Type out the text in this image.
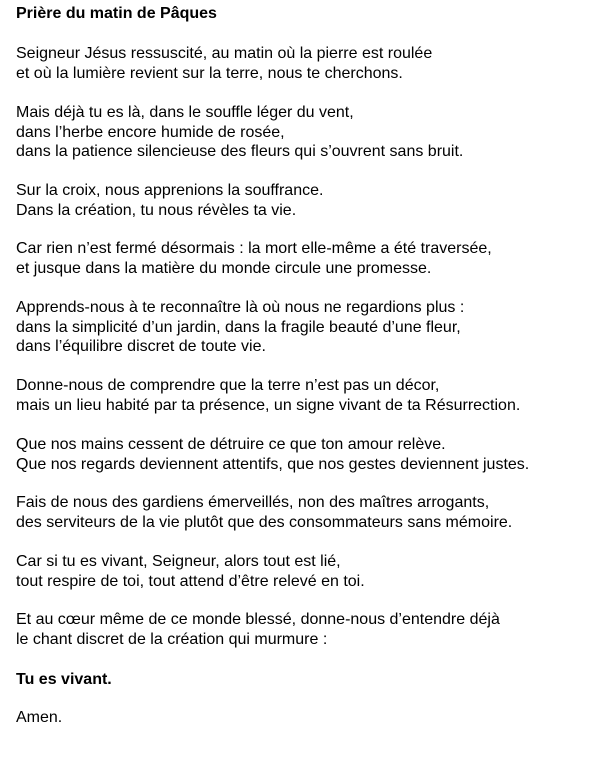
Prière du matin de Pâques

Seigneur Jésus ressuscité, au matin où la pierre est roulée
et où la lumière revient sur la terre, nous te cherchons.
Mais déjà tu es là, dans le souffle léger du vent,
dans l’herbe encore humide de rosée,
dans la patience silencieuse des fleurs qui s’ouvrent sans bruit.
Sur la croix, nous apprenions la souffrance.
Dans la création, tu nous révèles ta vie.
Car rien n’est fermé désormais : la mort elle-même a été traversée,
et jusque dans la matière du monde circule une promesse.
Apprends-nous à te reconnaître là où nous ne regardions plus :
dans la simplicité d’un jardin, dans la fragile beauté d’une fleur,
dans l’équilibre discret de toute vie.
Donne-nous de comprendre que la terre n’est pas un décor,
mais un lieu habité par ta présence, un signe vivant de ta Résurrection.
Que nos mains cessent de détruire ce que ton amour relève.
Que nos regards deviennent attentifs, que nos gestes deviennent justes.
Fais de nous des gardiens émerveillés, non des maîtres arrogants,
des serviteurs de la vie plutôt que des consommateurs sans mémoire.
Car si tu es vivant, Seigneur, alors tout est lié,
tout respire de toi, tout attend d’être relevé en toi.
Et au cœur même de ce monde blessé, donne-nous d’entendre déjà
le chant discret de la création qui murmure :

Tu es vivant.

Amen.
